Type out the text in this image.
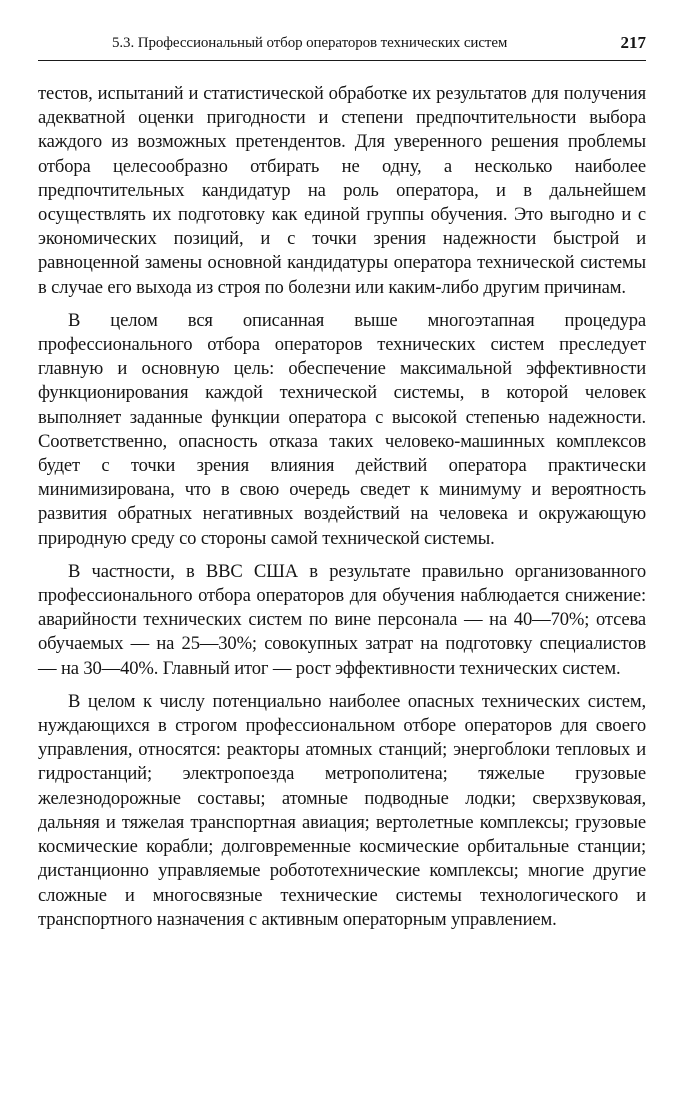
5.3. Профессиональный отбор операторов технических систем	217

тестов, испытаний и статистической обработке их результатов для получения адекватной оценки пригодности и степени предпочтительности выбора каждого из возможных претендентов. Для уверенного решения проблемы отбора целесообразно отбирать не одну, а несколько наиболее предпочтительных кандидатур на роль оператора, и в дальнейшем осуществлять их подготовку как единой группы обучения. Это выгодно и с экономических позиций, и с точки зрения надежности быстрой и равноценной замены основной кандидатуры оператора технической системы в случае его выхода из строя по болезни или каким-либо другим причинам.

В целом вся описанная выше многоэтапная процедура профессионального отбора операторов технических систем преследует главную и основную цель: обеспечение максимальной эффективности функционирования каждой технической системы, в которой человек выполняет заданные функции оператора с высокой степенью надежности. Соответственно, опасность отказа таких человеко-машинных комплексов будет с точки зрения влияния действий оператора практически минимизирована, что в свою очередь сведет к минимуму и вероятность развития обратных негативных воздействий на человека и окружающую природную среду со стороны самой технической системы.

В частности, в ВВС США в результате правильно организованного профессионального отбора операторов для обучения наблюдается снижение: аварийности технических систем по вине персонала — на 40—70%; отсева обучаемых — на 25—30%; совокупных затрат на подготовку специалистов — на 30—40%. Главный итог — рост эффективности технических систем.

В целом к числу потенциально наиболее опасных технических систем, нуждающихся в строгом профессиональном отборе операторов для своего управления, относятся: реакторы атомных станций; энергоблоки тепловых и гидростанций; электропоезда метрополитена; тяжелые грузовые железнодорожные составы; атомные подводные лодки; сверхзвуковая, дальняя и тяжелая транспортная авиация; вертолетные комплексы; грузовые космические корабли; долговременные космические орбитальные станции; дистанционно управляемые робототехнические комплексы; многие другие сложные и многосвязные технические системы технологического и транспортного назначения с активным операторным управлением.
